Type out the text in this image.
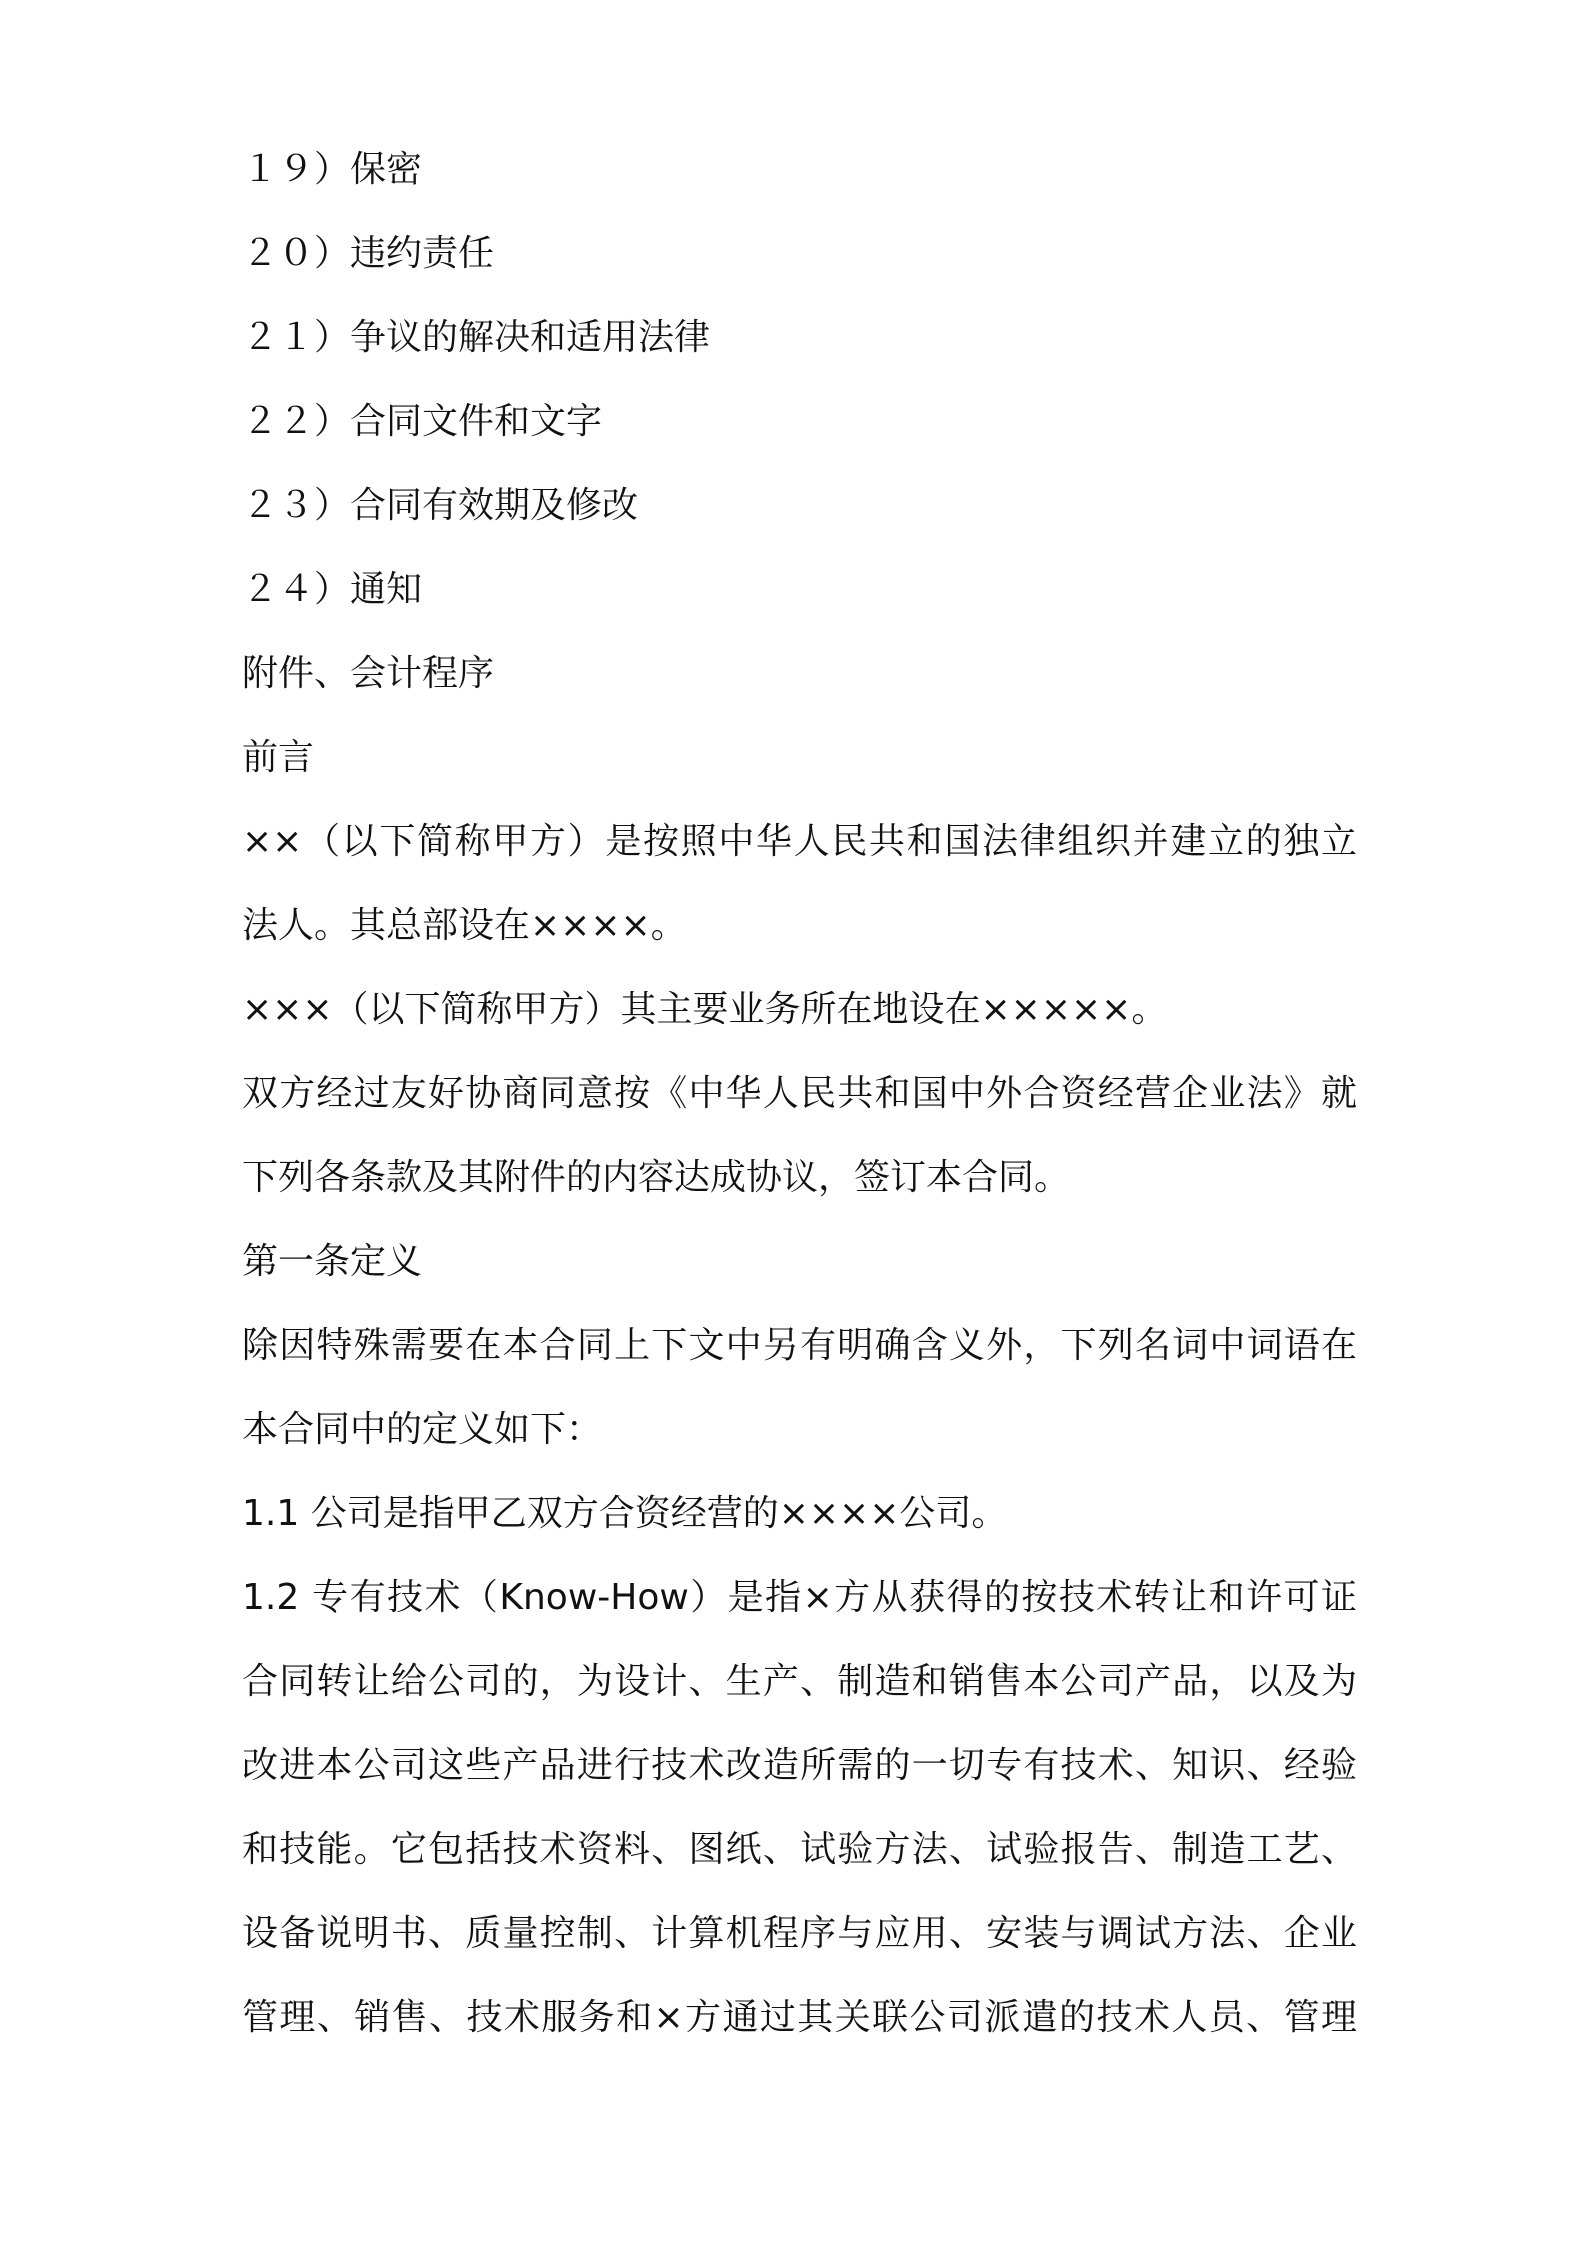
１９）保密
２０）违约责任
２１）争议的解决和适用法律
２２）合同文件和文字
２３）合同有效期及修改
２４）通知
附件、会计程序
前言
××（以下简称甲方）是按照中华人民共和国法律组织并建立的独立
法人。其总部设在××××。
×××（以下简称甲方）其主要业务所在地设在×××××。
双方经过友好协商同意按《中华人民共和国中外合资经营企业法》就
下列各条款及其附件的内容达成协议，签订本合同。
第一条定义
除因特殊需要在本合同上下文中另有明确含义外，下列名词中词语在
本合同中的定义如下：
1.1 公司是指甲乙双方合资经营的××××公司。
1.2 专有技术（Know-How）是指×方从获得的按技术转让和许可证
合同转让给公司的，为设计、生产、制造和销售本公司产品，以及为
改进本公司这些产品进行技术改造所需的一切专有技术、知识、经验
和技能。它包括技术资料、图纸、试验方法、试验报告、制造工艺、
设备说明书、质量控制、计算机程序与应用、安装与调试方法、企业
管理、销售、技术服务和×方通过其关联公司派遣的技术人员、管理
